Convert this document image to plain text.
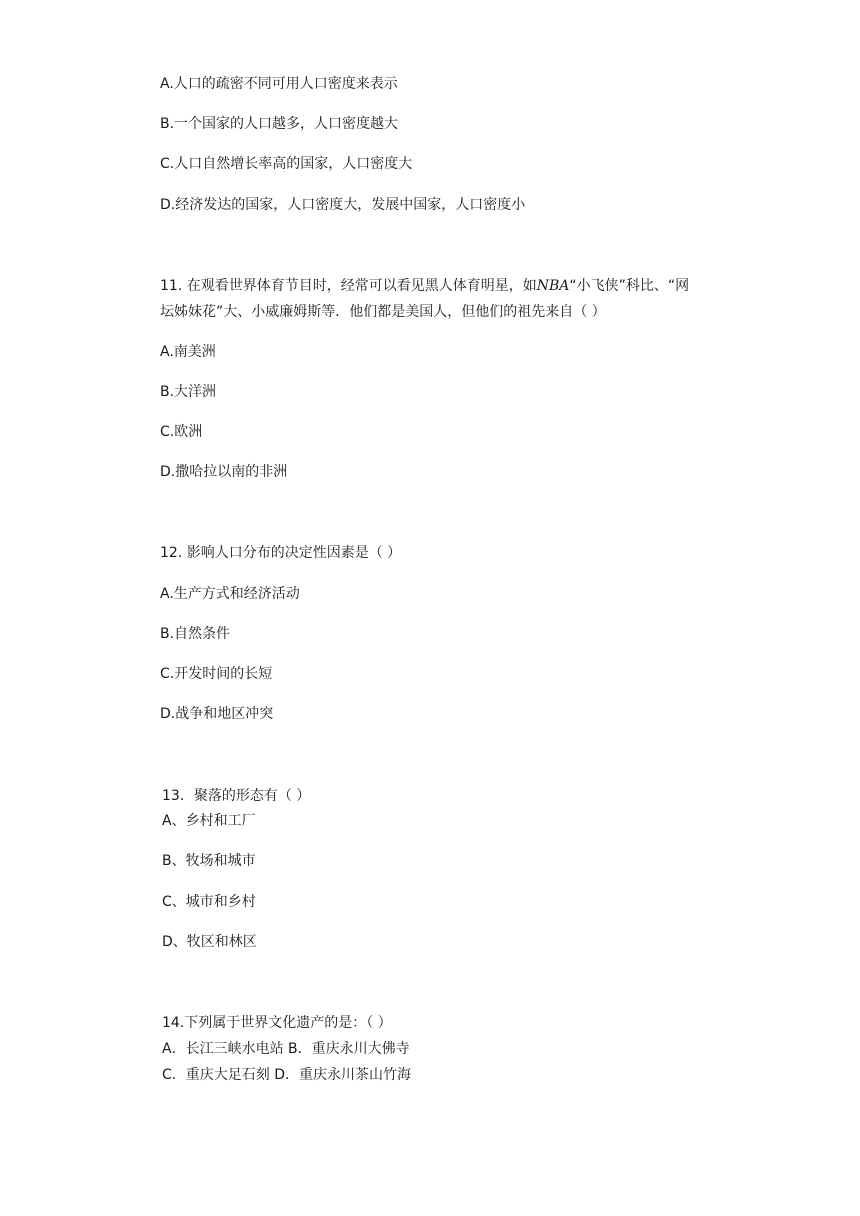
A.人口的疏密不同可用人口密度来表示
B.一个国家的人口越多，人口密度越大
C.人口自然增长率高的国家，人口密度大
D.经济发达的国家，人口密度大，发展中国家，人口密度小
11. 在观看世界体育节目时，经常可以看见黑人体育明星，如NBA“小飞侠”科比、“网
坛姊妹花”大、小威廉姆斯等．他们都是美国人，但他们的祖先来自（ ）
A.南美洲
B.大洋洲
C.欧洲
D.撒哈拉以南的非洲
12. 影响人口分布的决定性因素是（ ）
A.生产方式和经济活动
B.自然条件
C.开发时间的长短
D.战争和地区冲突
13．聚落的形态有（ ）
A、乡村和工厂
B、牧场和城市
C、城市和乡村
D、牧区和林区
14.下列属于世界文化遗产的是：（ ）
A．长江三峡水电站 B．重庆永川大佛寺
C．重庆大足石刻 D．重庆永川茶山竹海
